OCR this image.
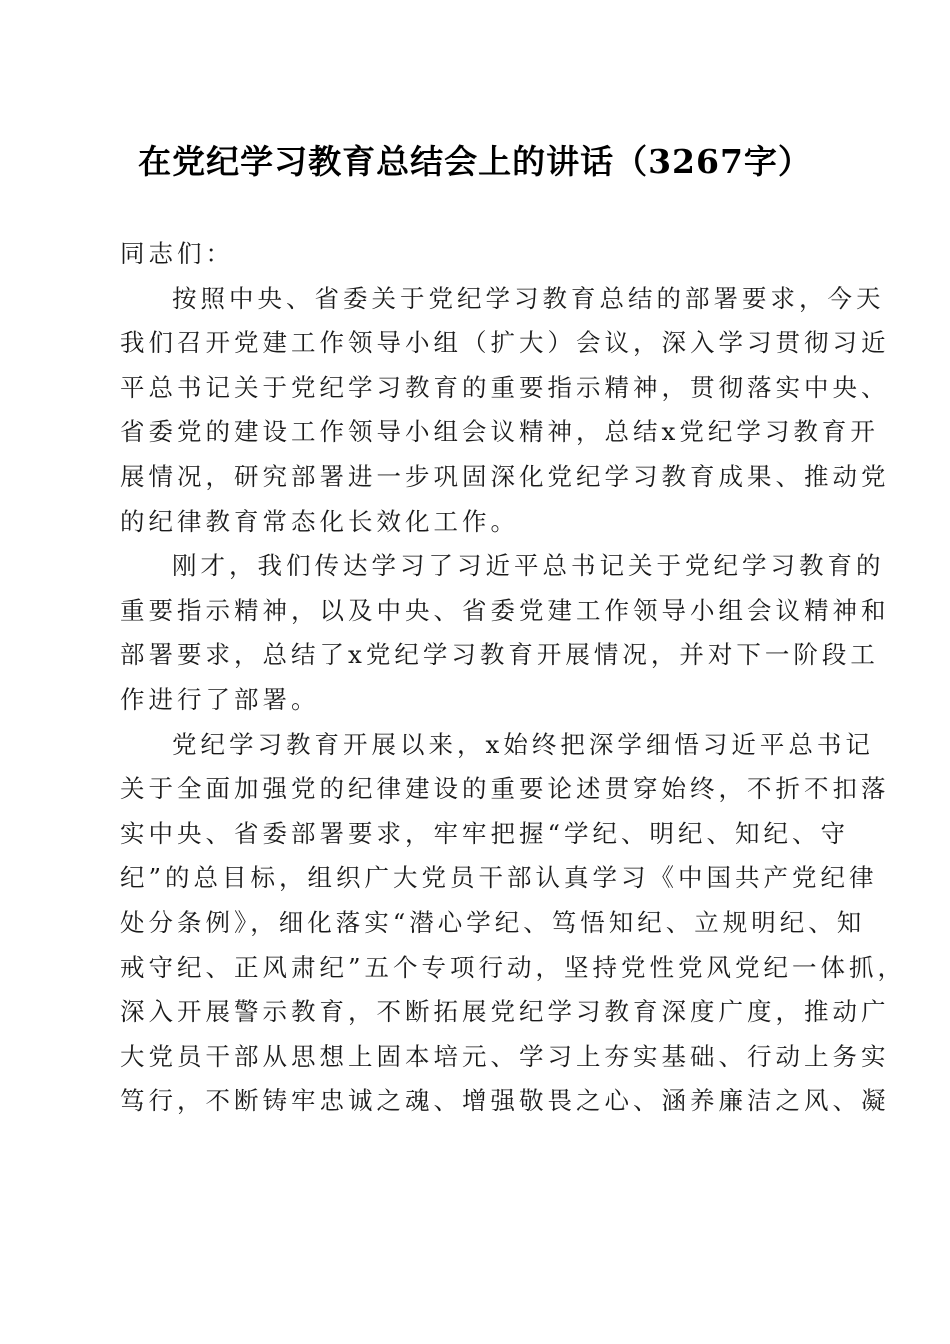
在党纪学习教育总结会上的讲话（3267字）
同志们：
按照中央、省委关于党纪学习教育总结的部署要求，今天
我们召开党建工作领导小组（扩大）会议，深入学习贯彻习近
平总书记关于党纪学习教育的重要指示精神，贯彻落实中央、
省委党的建设工作领导小组会议精神，总结x党纪学习教育开
展情况，研究部署进一步巩固深化党纪学习教育成果、推动党
的纪律教育常态化长效化工作。
刚才，我们传达学习了习近平总书记关于党纪学习教育的
重要指示精神，以及中央、省委党建工作领导小组会议精神和
部署要求，总结了x党纪学习教育开展情况，并对下一阶段工
作进行了部署。
党纪学习教育开展以来，x始终把深学细悟习近平总书记
关于全面加强党的纪律建设的重要论述贯穿始终，不折不扣落
实中央、省委部署要求，牢牢把握“学纪、明纪、知纪、守
纪”的总目标，组织广大党员干部认真学习《中国共产党纪律
处分条例》，细化落实“潜心学纪、笃悟知纪、立规明纪、知
戒守纪、正风肃纪”五个专项行动，坚持党性党风党纪一体抓，
深入开展警示教育，不断拓展党纪学习教育深度广度，推动广
大党员干部从思想上固本培元、学习上夯实基础、行动上务实
笃行，不断铸牢忠诚之魂、增强敬畏之心、涵养廉洁之风、凝
